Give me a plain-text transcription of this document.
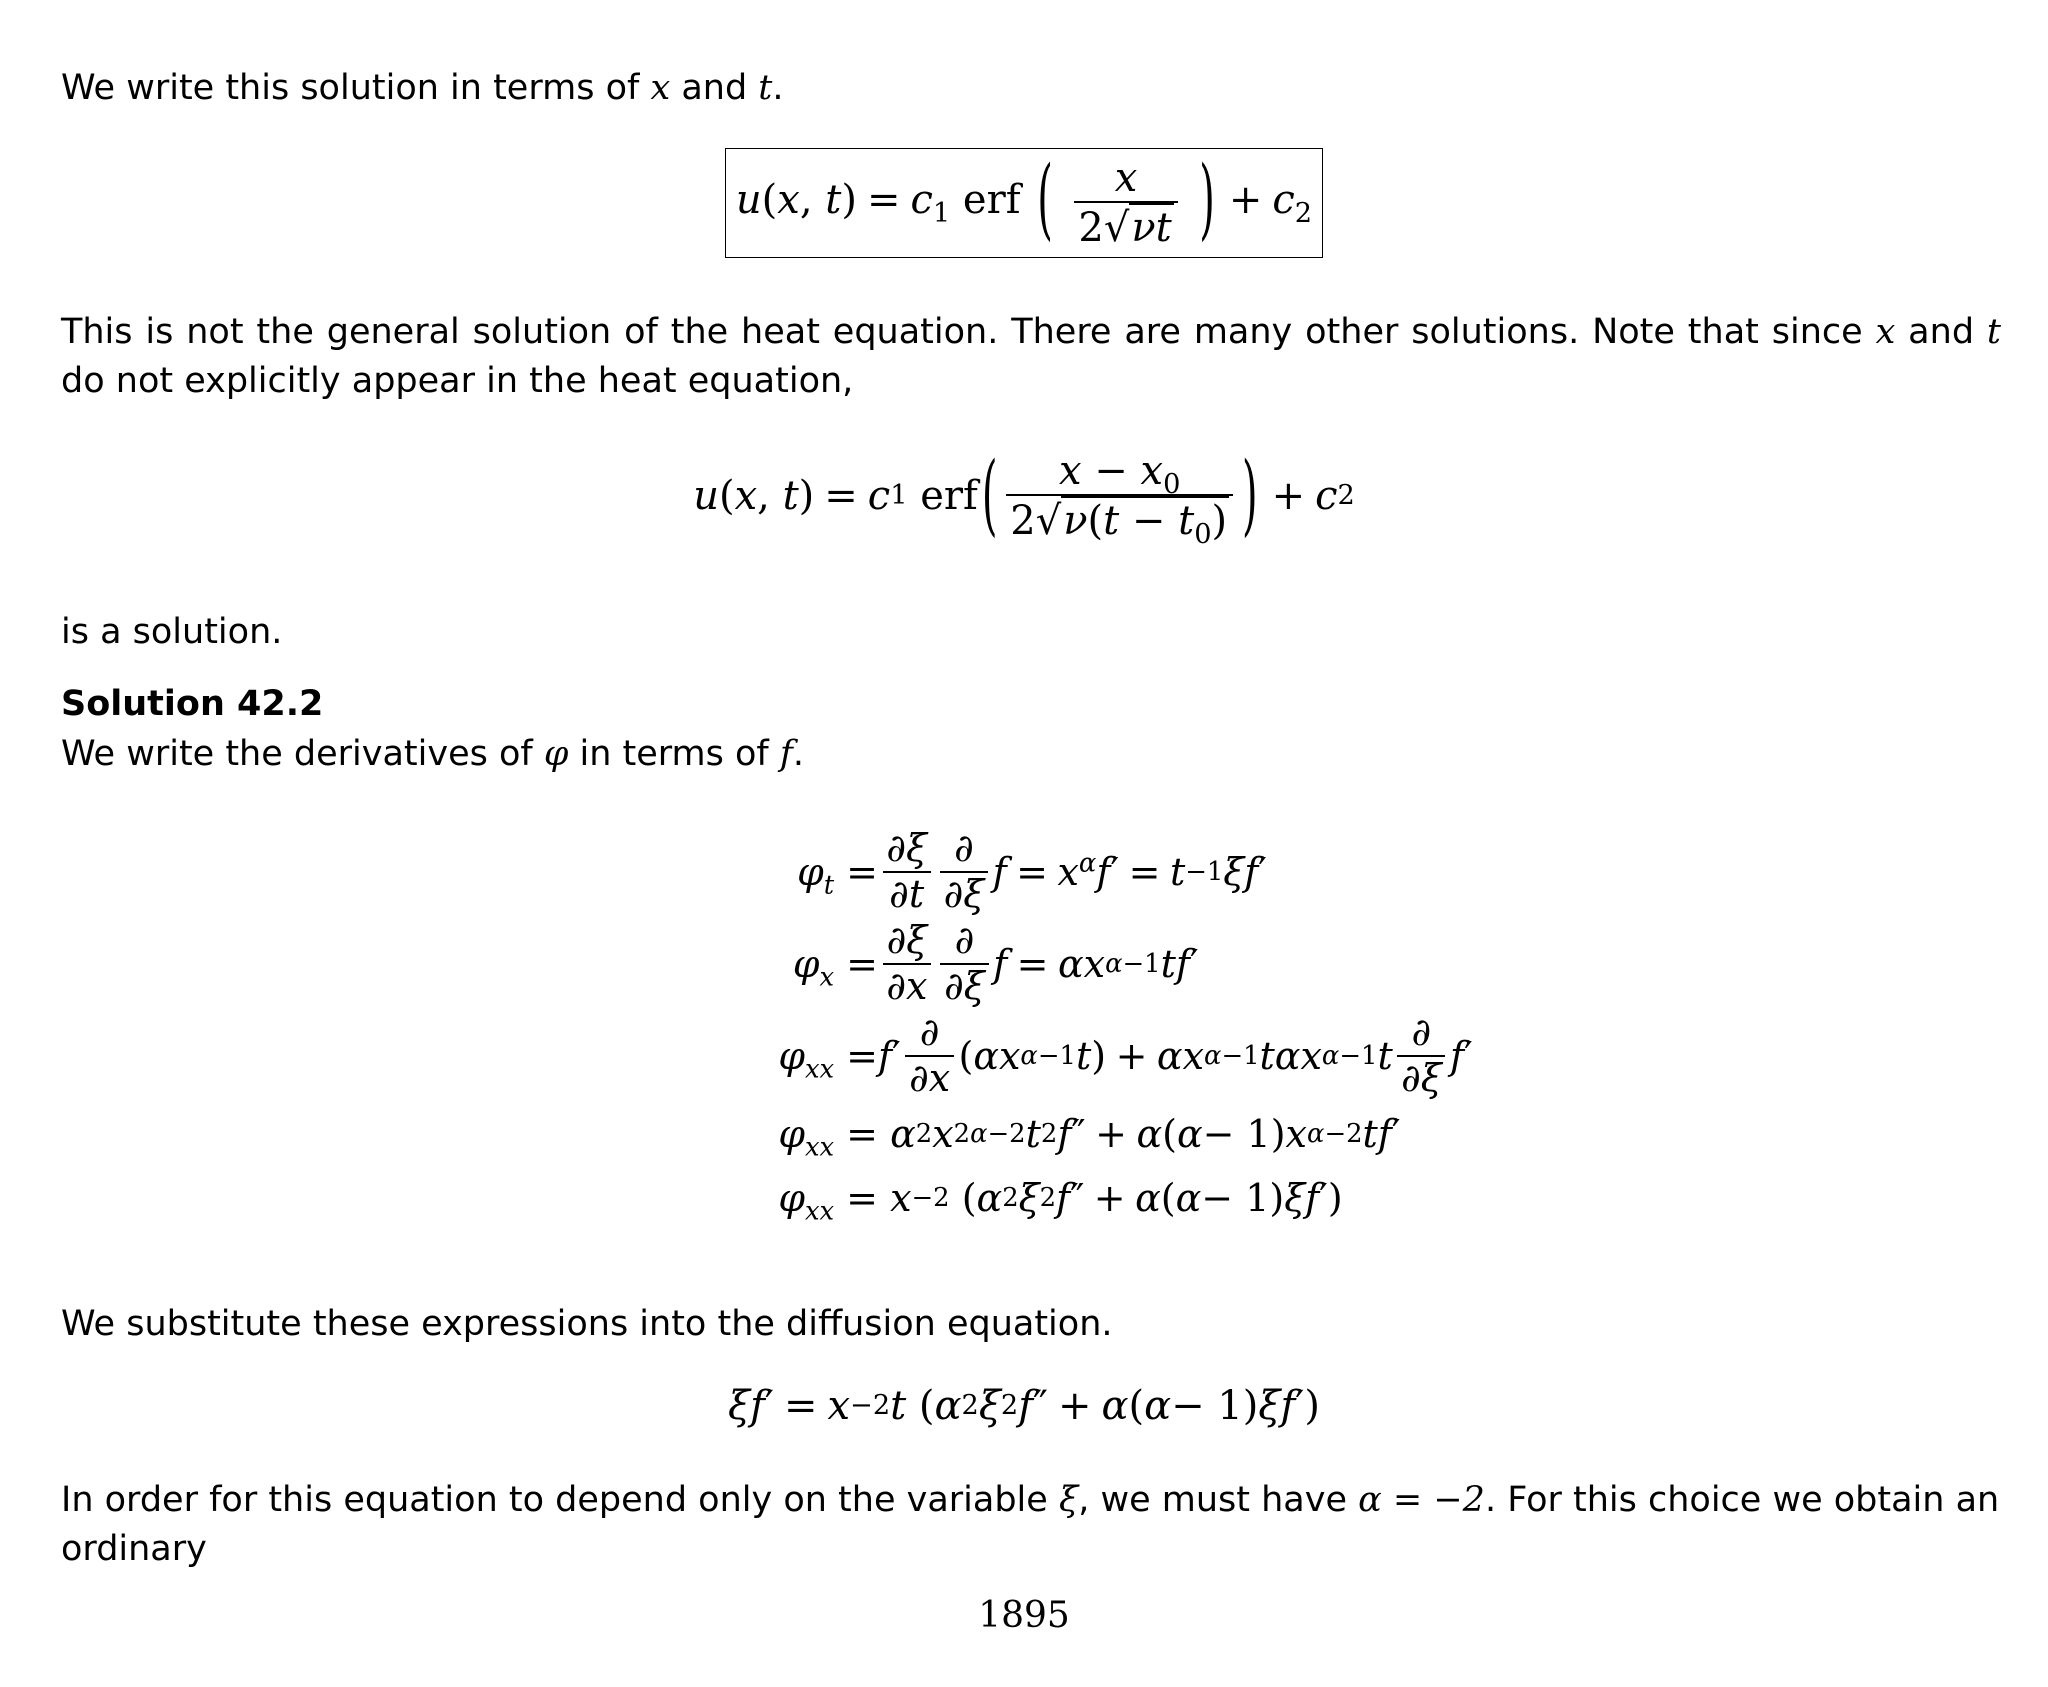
We write this solution in terms of x and t.
u(x, $t) = c_1$ erf ( $\frac{x}{2 √ \nu t}$ ) + $c_2$
This is not the general solution of the heat equation. There are many other solutions. Note that since x and t do not explicitly appear in the heat equation,
u ( x , t ) = c 1
erf ( $\frac{x - x_0}{2 √ \nu(t - t_0)}$ ) + c 2
is a solution.
Solution 42.2
We write the derivatives of φ in terms of f.
$\varphi_t = \frac{\partial\xi}{\partial t} \frac{\partial}{\partial\xi}$ $f = x^\alpha f$ ′ = t −1 ξf ′
$\varphi_x = \frac{\partial\xi}{\partial x} \frac{\partial}{\partial\xi}$ f = αx α −1 tf ′
$\varphi_{xx} = f$ ′ $\frac{\partial}{\partial x}$ ( αx α−1 t ) + αx α−1 tαx α−1 t $\frac{\partial}{\partial\xi}$ f ′
$\varphi_{xx}$ =
α 2 x 2α−2 t 2 f ″ + α ( α − 1) x α−2 tf ′
$\varphi_{xx}$ =
x −2 ( α 2 ξ 2 f ″ + α ( α − 1) ξf ′)
We substitute these expressions into the diffusion equation.
ξf ′ = x −2 t ( α 2 ξ 2 f ″ + α ( α − 1) ξf ′)
In order for this equation to depend only on the variable ξ, we must have α = −2. For this choice we obtain an ordinary
1895
